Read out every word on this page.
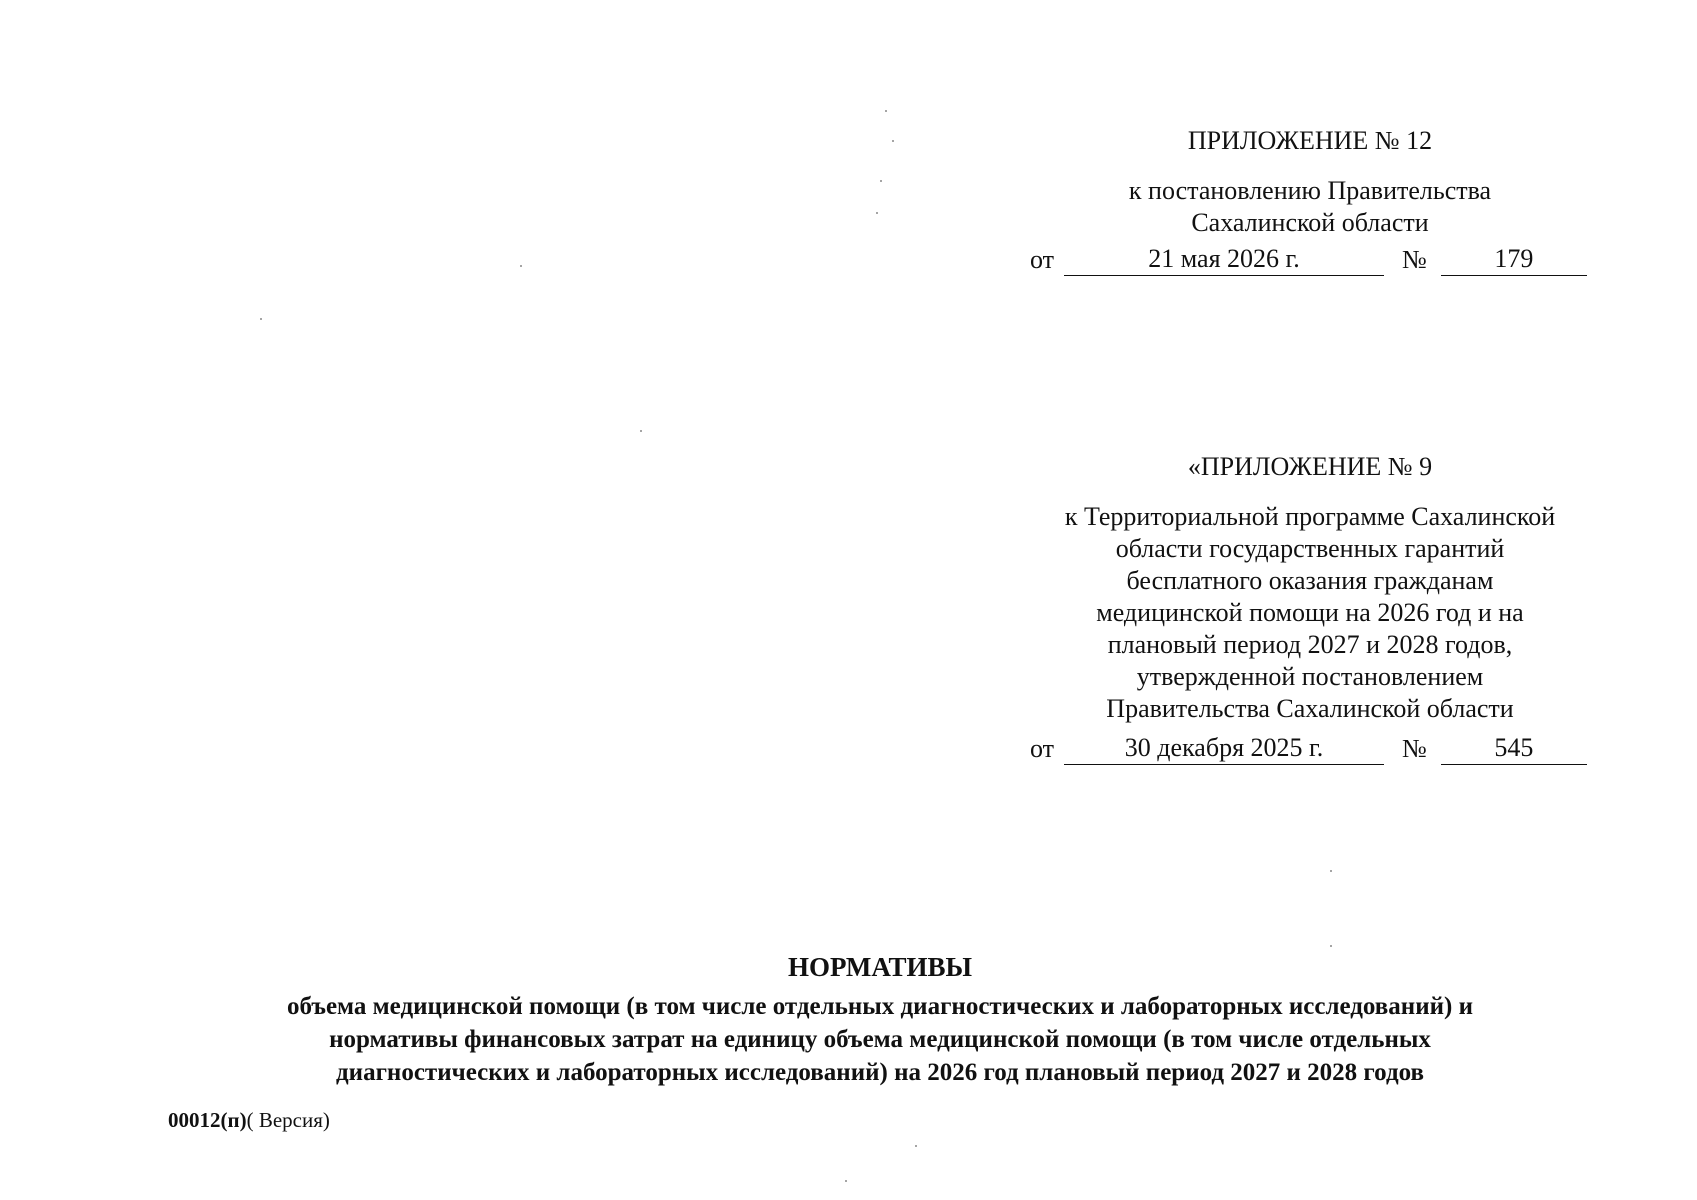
ПРИЛОЖЕНИЕ № 12
к постановлению Правительства
Сахалинской области
от	21 мая 2026 г.	№	179
«ПРИЛОЖЕНИЕ № 9
к Территориальной программе Сахалинской
области государственных гарантий
бесплатного оказания гражданам
медицинской помощи на 2026 год и на
плановый период 2027 и 2028 годов,
утвержденной постановлением
Правительства Сахалинской области
от	30 декабря 2025 г.	№	545
НОРМАТИВЫ
объема медицинской помощи (в том числе отдельных диагностических и лабораторных исследований) и
нормативы финансовых затрат на единицу объема медицинской помощи (в том числе отдельных
диагностических и лабораторных исследований) на 2026 год плановый период 2027 и 2028 годов
00012(п)( Версия)
